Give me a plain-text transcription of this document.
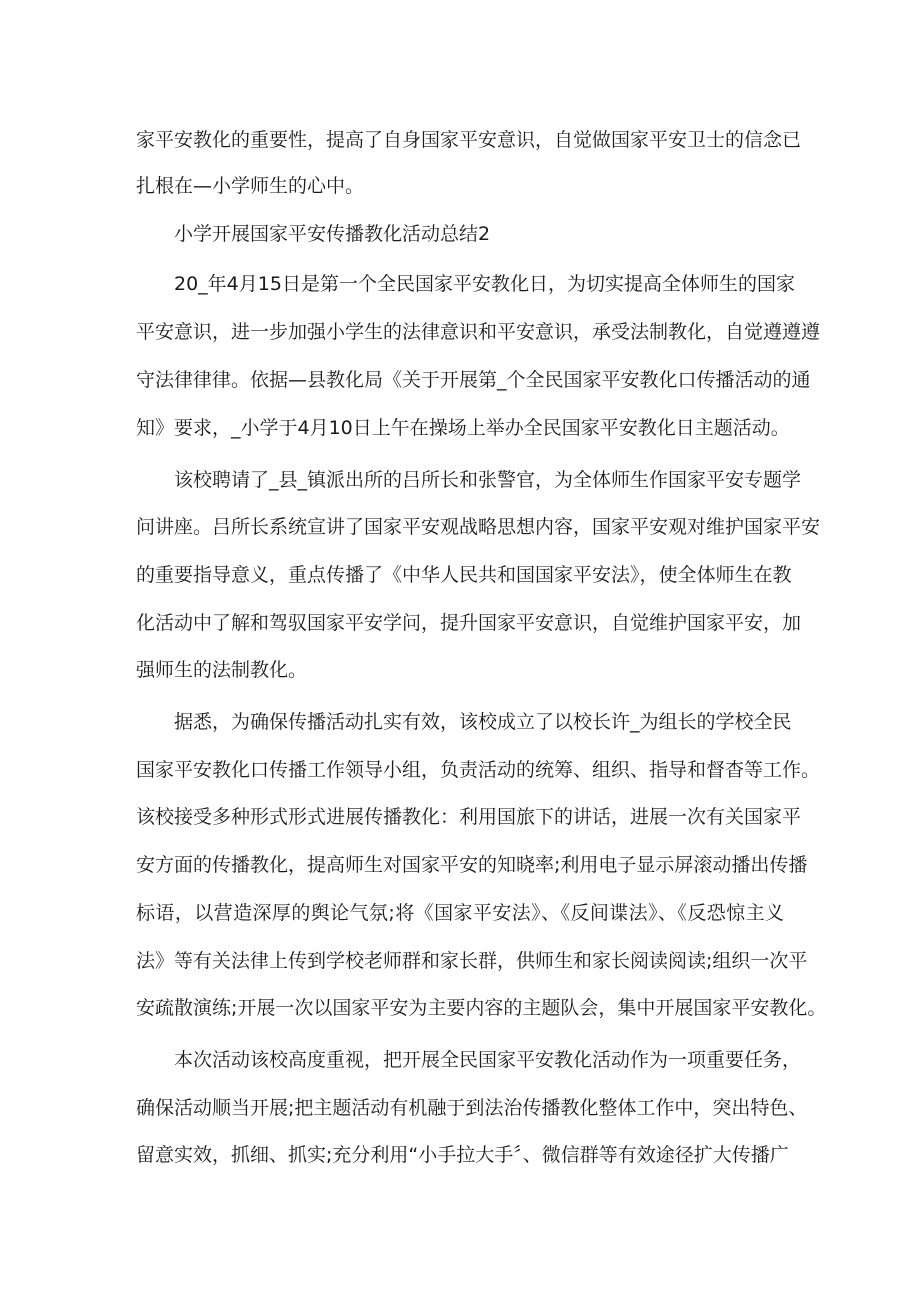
家平安教化的重要性，提高了自身国家平安意识，自觉做国家平安卫士的信念已
扎根在—小学师生的心中。
小学开展国家平安传播教化活动总结2
20_年4月15日是第一个全民国家平安教化日，为切实提高全体师生的国家
平安意识，进一步加强小学生的法律意识和平安意识，承受法制教化，自觉遵遵遵
守法律律律。依据—县教化局《关于开展第_个全民国家平安教化口传播活动的通
知》要求，_小学于4月10日上午在操场上举办全民国家平安教化日主题活动。
该校聘请了_县_镇派出所的吕所长和张警官，为全体师生作国家平安专题学
问讲座。吕所长系统宣讲了国家平安观战略思想内容，国家平安观对维护国家平安
的重要指导意义，重点传播了《中华人民共和国国家平安法》，使全体师生在教
化活动中了解和驾驭国家平安学问，提升国家平安意识，自觉维护国家平安，加
强师生的法制教化。
据悉，为确保传播活动扎实有效，该校成立了以校长许_为组长的学校全民
国家平安教化口传播工作领导小组，负责活动的统筹、组织、指导和督杳等工作。
该校接受多种形式形式进展传播教化：利用国旅下的讲话，进展一次有关国家平
安方面的传播教化，提高师生对国家平安的知晓率;利用电子显示屏滚动播出传播
标语，以营造深厚的舆论气氛;将《国家平安法》、《反间谍法》、《反恐惊主义
法》等有关法律上传到学校老师群和家长群，供师生和家长阅读阅读;组织一次平
安疏散演练;开展一次以国家平安为主要内容的主题队会，集中开展国家平安教化。
本次活动该校高度重视，把开展全民国家平安教化活动作为一项重要任务，
确保活动顺当开展;把主题活动有机融于到法治传播教化整体工作中，突出特色、
留意实效，抓细、抓实;充分利用“小手拉大手〞、微信群等有效途径扩大传播广
